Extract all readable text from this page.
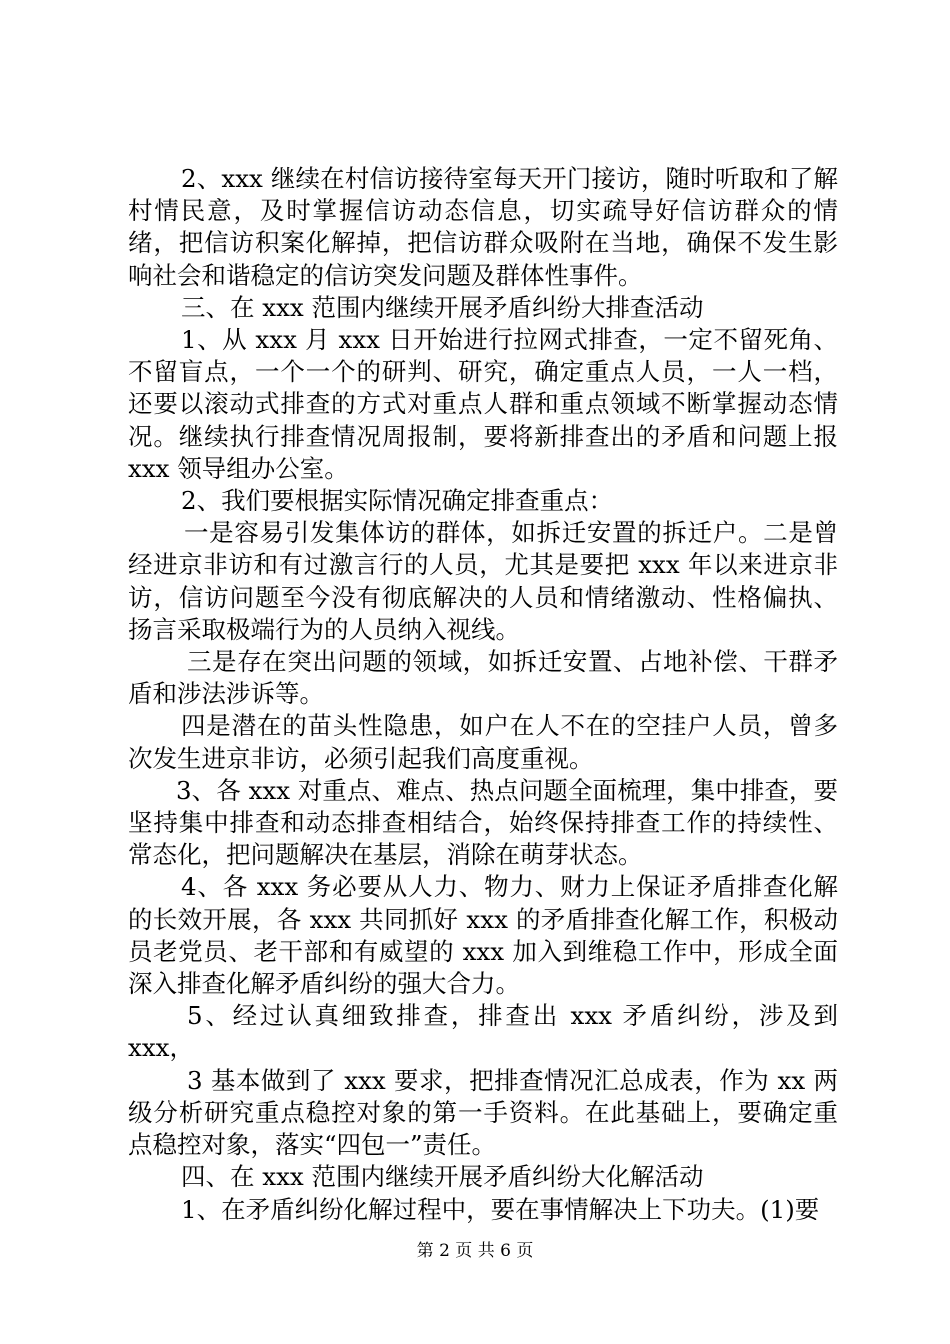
2、xxx 继续在村信访接待室每天开门接访，随时听取和了解村情民意，及时掌握信访动态信息，切实疏导好信访群众的情绪，把信访积案化解掉，把信访群众吸附在当地，确保不发生影响社会和谐稳定的信访突发问题及群体性事件。

三、在 xxx 范围内继续开展矛盾纠纷大排查活动

1、从 xxx 月 xxx 日开始进行拉网式排查，一定不留死角、不留盲点，一个一个的研判、研究，确定重点人员，一人一档，还要以滚动式排查的方式对重点人群和重点领域不断掌握动态情况。继续执行排查情况周报制，要将新排查出的矛盾和问题上报 xxx 领导组办公室。

2、我们要根据实际情况确定排查重点：

一是容易引发集体访的群体，如拆迁安置的拆迁户。二是曾经进京非访和有过激言行的人员，尤其是要把 xxx 年以来进京非访，信访问题至今没有彻底解决的人员和情绪激动、性格偏执、扬言采取极端行为的人员纳入视线。

三是存在突出问题的领域，如拆迁安置、占地补偿、干群矛盾和涉法涉诉等。

四是潜在的苗头性隐患，如户在人不在的空挂户人员，曾多次发生进京非访，必须引起我们高度重视。

3、各 xxx 对重点、难点、热点问题全面梳理，集中排查，要坚持集中排查和动态排查相结合，始终保持排查工作的持续性、常态化，把问题解决在基层，消除在萌芽状态。

4、各 xxx 务必要从人力、物力、财力上保证矛盾排查化解的长效开展，各 xxx 共同抓好 xxx 的矛盾排查化解工作，积极动员老党员、老干部和有威望的 xxx 加入到维稳工作中，形成全面深入排查化解矛盾纠纷的强大合力。

5、经过认真细致排查，排查出 xxx 矛盾纠纷，涉及到 xxx，

3 基本做到了 xxx 要求，把排查情况汇总成表，作为 xx 两级分析研究重点稳控对象的第一手资料。在此基础上，要确定重点稳控对象，落实“四包一”责任。

四、在 xxx 范围内继续开展矛盾纠纷大化解活动

1、在矛盾纠纷化解过程中，要在事情解决上下功夫。(1)要

第 2 页 共 6 页
